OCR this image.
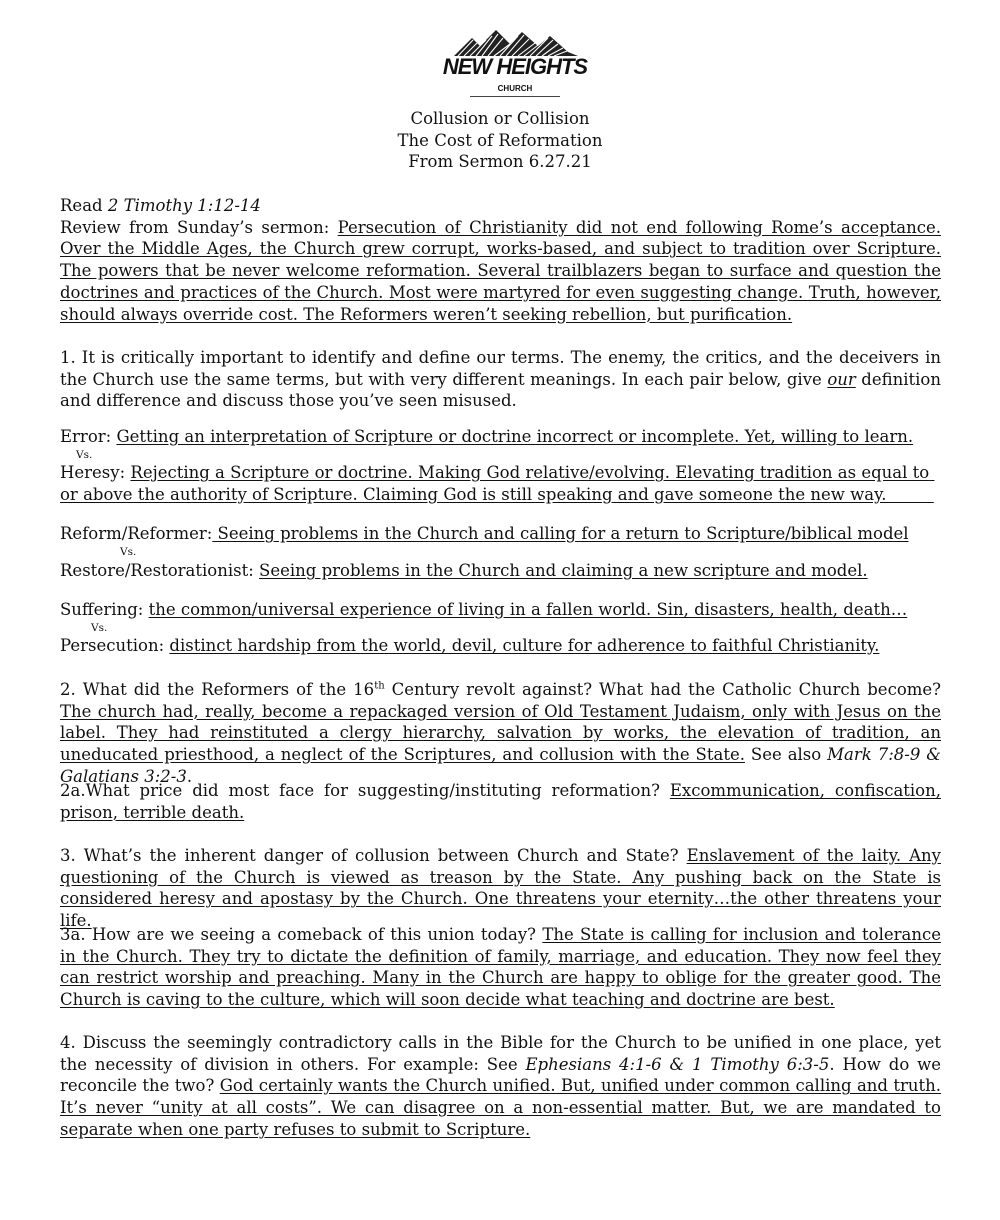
NEW HEIGHTS
CHURCH
Collusion or Collision
The Cost of Reformation
From Sermon 6.27.21
Read 2 Timothy 1:12-14
Review from Sunday’s sermon: Persecution of Christianity did not end following Rome’s acceptance. Over the Middle Ages, the Church grew corrupt, works-based, and subject to tradition over Scripture. The powers that be never welcome reformation. Several trailblazers began to surface and question the doctrines and practices of the Church. Most were martyred for even suggesting change. Truth, however, should always override cost. The Reformers weren’t seeking rebellion, but purification.
1. It is critically important to identify and define our terms. The enemy, the critics, and the deceivers in the Church use the same terms, but with very different meanings. In each pair below, give our definition and difference and discuss those you’ve seen misused.
Error: Getting an interpretation of Scripture or doctrine incorrect or incomplete. Yet, willing to learn.
Vs.
Heresy: Rejecting a Scripture or doctrine. Making God relative/evolving. Elevating tradition as equal to or above the authority of Scripture. Claiming God is still speaking and gave someone the new way.
Reform/Reformer: Seeing problems in the Church and calling for a return to Scripture/biblical model
Vs.
Restore/Restorationist: Seeing problems in the Church and claiming a new scripture and model.
Suffering: the common/universal experience of living in a fallen world. Sin, disasters, health, death…
Vs.
Persecution: distinct hardship from the world, devil, culture for adherence to faithful Christianity.
2. What did the Reformers of the 16th Century revolt against? What had the Catholic Church become? The church had, really, become a repackaged version of Old Testament Judaism, only with Jesus on the label. They had reinstituted a clergy hierarchy, salvation by works, the elevation of tradition, an uneducated priesthood, a neglect of the Scriptures, and collusion with the State. See also Mark 7:8-9 & Galatians 3:2-3.
2a.What price did most face for suggesting/instituting reformation? Excommunication, confiscation, prison, terrible death.
3. What’s the inherent danger of collusion between Church and State? Enslavement of the laity. Any questioning of the Church is viewed as treason by the State. Any pushing back on the State is considered heresy and apostasy by the Church. One threatens your eternity…the other threatens your life.
3a. How are we seeing a comeback of this union today? The State is calling for inclusion and tolerance in the Church. They try to dictate the definition of family, marriage, and education. They now feel they can restrict worship and preaching. Many in the Church are happy to oblige for the greater good. The Church is caving to the culture, which will soon decide what teaching and doctrine are best.
4. Discuss the seemingly contradictory calls in the Bible for the Church to be unified in one place, yet the necessity of division in others. For example: See Ephesians 4:1-6 & 1 Timothy 6:3-5. How do we reconcile the two? God certainly wants the Church unified. But, unified under common calling and truth. It’s never “unity at all costs”. We can disagree on a non-essential matter. But, we are mandated to separate when one party refuses to submit to Scripture.
